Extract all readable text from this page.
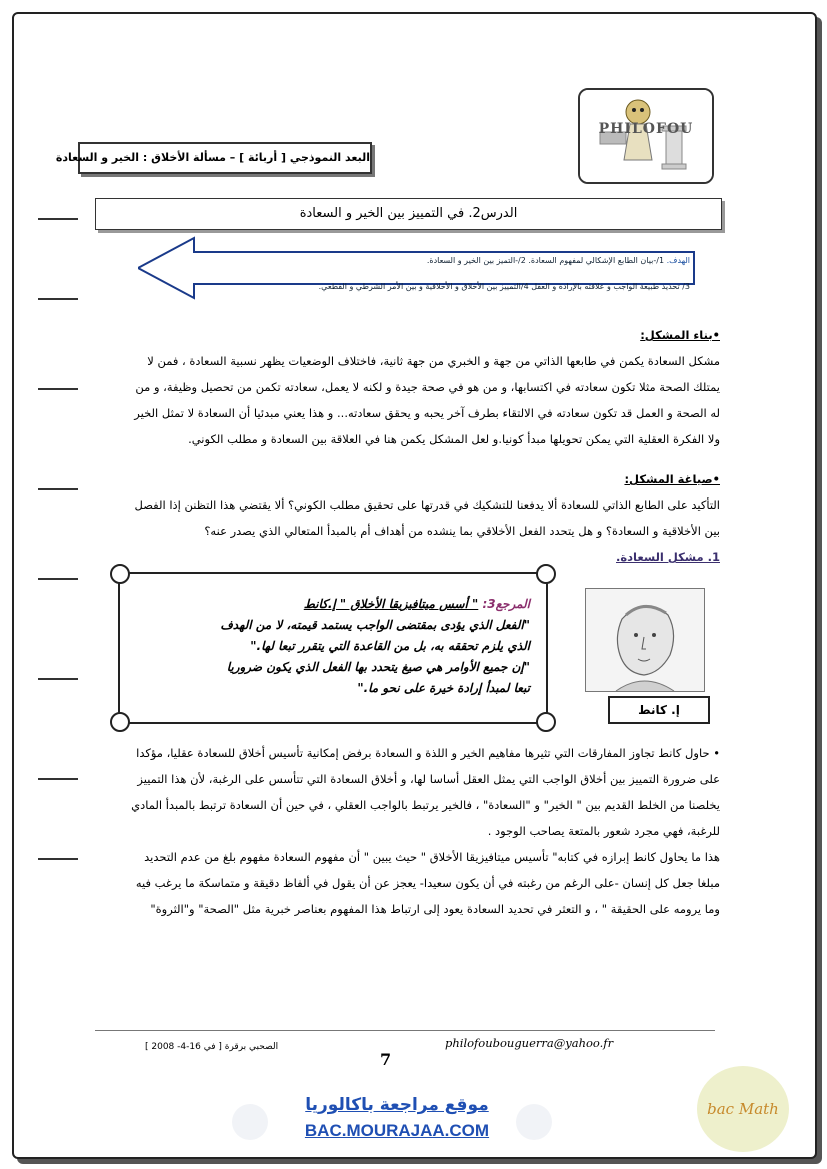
PHILOFOU
البعد النموذجي [ أربائة ] – مسألة الأخلاق : الخير و السعادة
الدرس2. في التمييز بين الخير و السعادة
الهدف. 1/-بيان الطابع الإشكالي لمفهوم السعادة. 2/-التميز بين الخير و السعادة.
3/ تحديد طبيعة الواجب و علاقته بالإرادة و العقل 4/التمييز بين الأخلاق و الأخلاقية و بين الأمر الشرطي و القطعي.
•بناء المشكل:
مشكل السعادة يكمن في طابعها الذاتي من جهة و الخبري من جهة ثانية، فاختلاف الوضعيات يظهر نسبية السعادة ، فمن لا
يمتلك الصحة مثلا تكون سعادته في اكتسابها، و من هو في صحة جيدة و لكنه لا يعمل، سعادته تكمن من تحصيل وظيفة، و من
له الصحة و العمل قد تكون سعادته في الالتقاء بطرف آخر يحبه و يحقق سعادته... و هذا يعني مبدئيا أن السعادة لا تمثل الخير
ولا الفكرة العقلية التي يمكن تحويلها مبدأ كونيا.و لعل المشكل يكمن هنا في العلاقة بين السعادة و مطلب الكوني.
•صياغة المشكل:
التأكيد على الطابع الذاتي للسعادة ألا يدفعنا للتشكيك في قدرتها على تحقيق مطلب الكوني؟ ألا يقتضي هذا التظنن إذا الفصل
بين الأخلاقية و السعادة؟ و هل يتحدد الفعل الأخلاقي بما ينشده من أهداف أم بالمبدأ المتعالي الذي يصدر عنه؟
1. مشكل السعادة.
المرجع3: " أسس ميتافيزيقا الأخلاق " إ.كانط
"الفعل الذي يؤدى بمقتضى الواجب يستمد قيمته، لا من الهدف
الذي يلزم تحققه به، بل من القاعدة التي يتقرر تبعا لها."
"إن جميع الأوامر هي صيغ يتحدد بها الفعل الذي يكون ضروريا
تبعا لمبدأ إرادة خيرة على نحو ما."
إ. كانط
• حاول كانط تجاوز المفارقات التي تثيرها مفاهيم الخير و اللذة و السعادة برفض إمكانية تأسيس أخلاق للسعادة عقليا، مؤكدا
على ضرورة التمييز بين أخلاق الواجب التي يمثل العقل أساسا لها، و أخلاق السعادة التي تتأسس على الرغبة، لأن هذا التمييز
يخلصنا من الخلط القديم بين " الخير" و "السعادة" ، فالخير يرتبط بالواجب العقلي ، في حين أن السعادة ترتبط بالمبدأ المادي
للرغبة، فهي مجرد شعور بالمتعة يصاحب الوجود .
هذا ما يحاول كانط إبرازه في كتابه" تأسيس ميتافيزيقا الأخلاق " حيث يبين " أن مفهوم السعادة مفهوم بلغ من عدم التحديد
مبلغا جعل كل إنسان -على الرغم من رغبته في أن يكون سعيدا- يعجز عن أن يقول في ألفاظ دقيقة و متماسكة ما يرغب فيه
وما يرومه على الحقيقة " ، و التعثر في تحديد السعادة يعود إلى ارتباط هذا المفهوم بعناصر خبرية مثل "الصحة" و"الثروة"
الصحبي برقرة [ في 16-4- 2008 ]
7
philofoubouguerra@yahoo.fr
موقع مراجعة باكالوريا
BAC.MOURAJAA.COM
bac Math
